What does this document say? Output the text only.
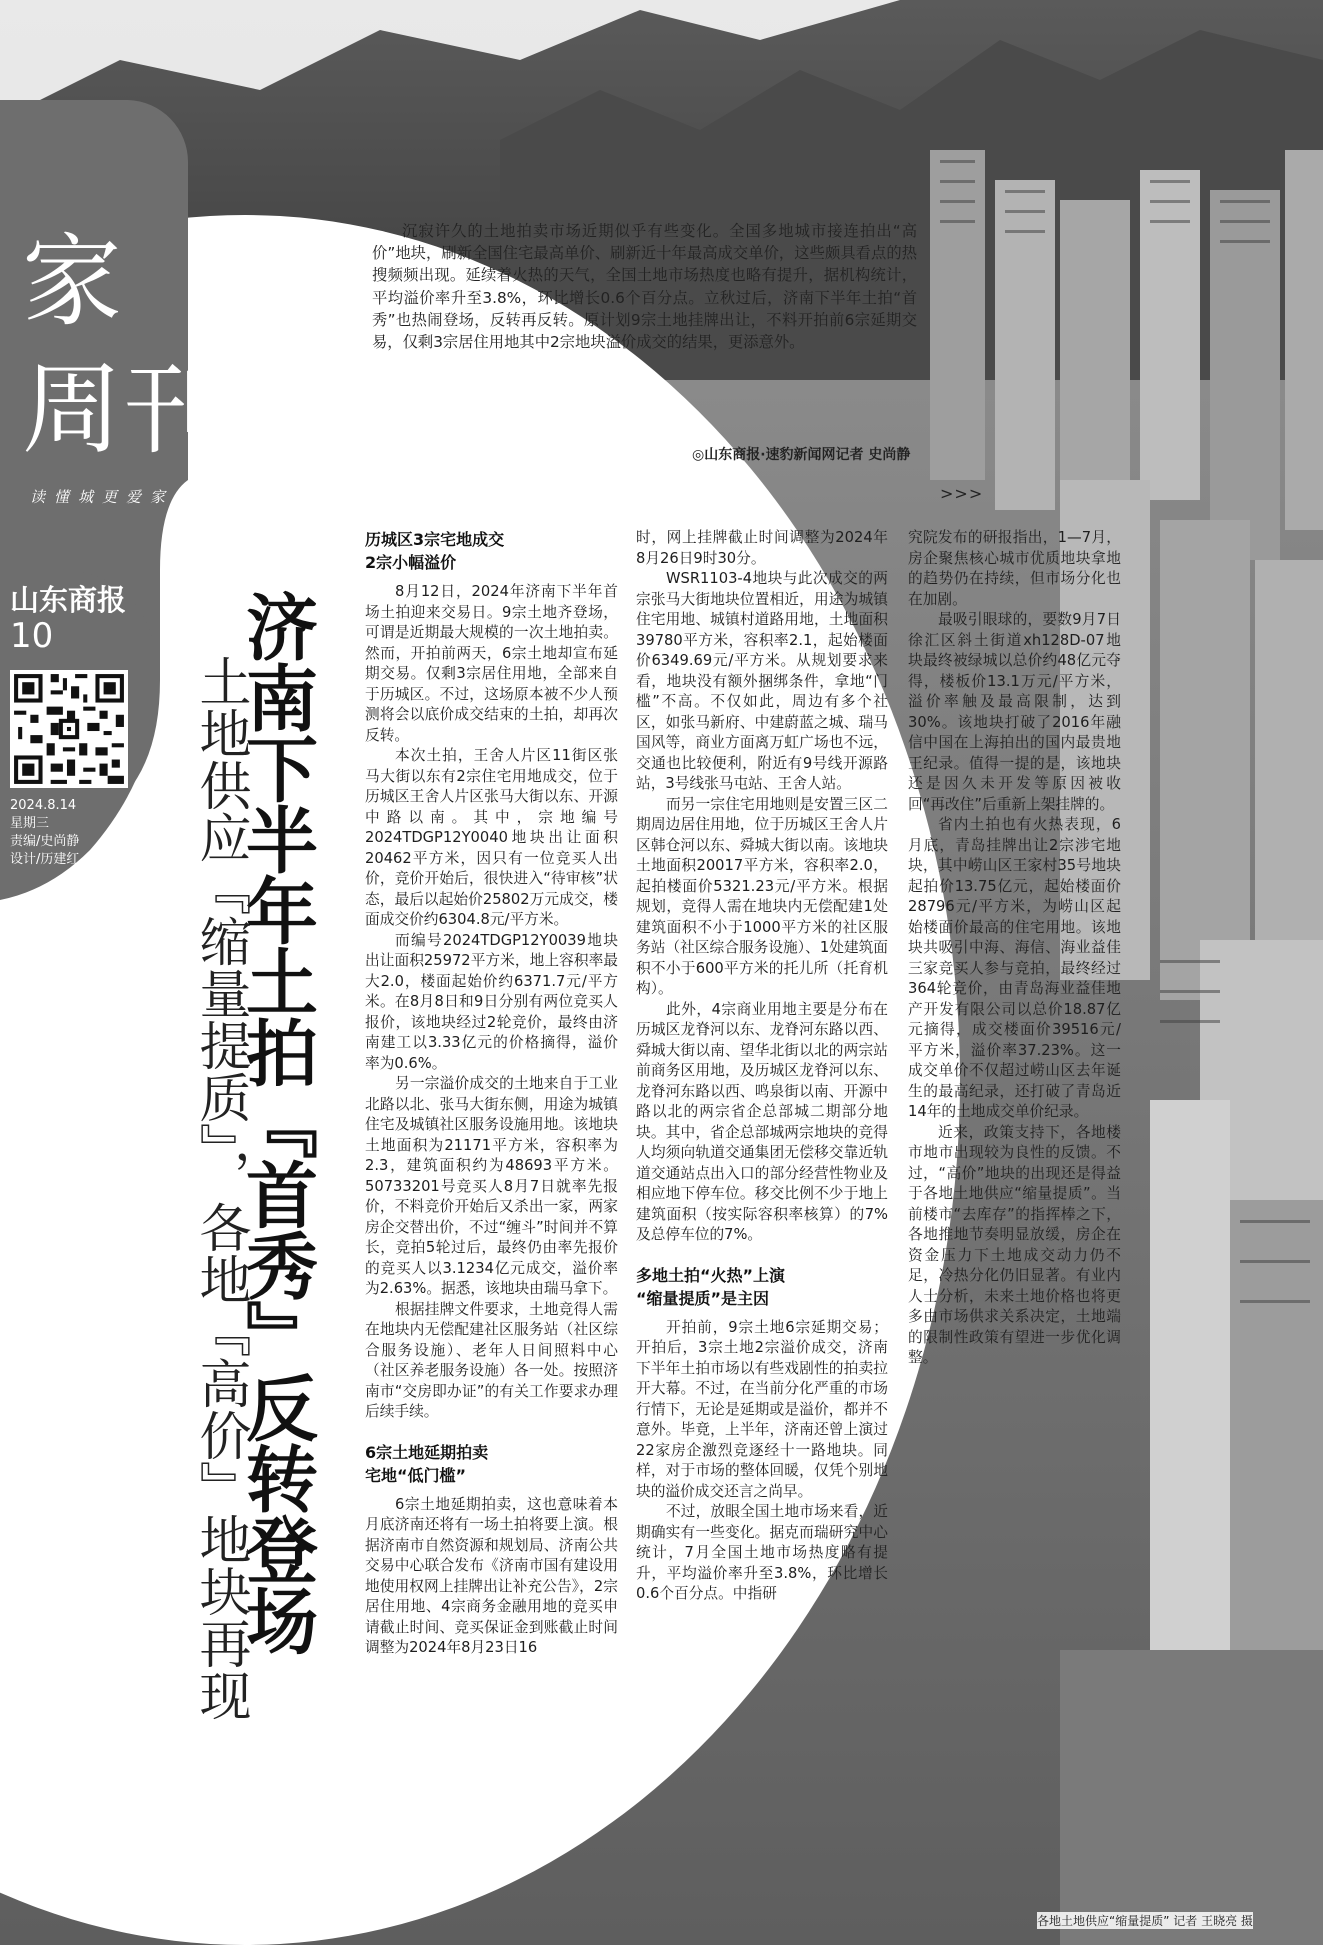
家
周刊
读懂城更爱家
山东商报
10
2024.8.14
星期三
责编/史尚静
设计/历建红 济南下半年土拍『首秀』反转登场
土地供应『缩量提质』，各地『高价』地块再现
沉寂许久的土地拍卖市场近期似乎有些变化。全国多地城市接连拍出“高价”地块，刷新全国住宅最高单价、刷新近十年最高成交单价，这些颇具看点的热搜频频出现。延续着火热的天气，全国土地市场热度也略有提升，据机构统计，平均溢价率升至3.8%，环比增长0.6个百分点。立秋过后，济南下半年土拍“首秀”也热闹登场，反转再反转。原计划9宗土地挂牌出让，不料开拍前6宗延期交易，仅剩3宗居住用地其中2宗地块溢价成交的结果，更添意外。
◎山东商报·速豹新闻网记者 史尚静
>>>
历城区3宗宅地成交
2宗小幅溢价

8月12日，2024年济南下半年首场土拍迎来交易日。9宗土地齐登场，可谓是近期最大规模的一次土地拍卖。然而，开拍前两天，6宗土地却宣布延期交易。仅剩3宗居住用地，全部来自于历城区。不过，这场原本被不少人预测将会以底价成交结束的土拍，却再次反转。

本次土拍，王舍人片区11街区张马大街以东有2宗住宅用地成交，位于历城区王舍人片区张马大街以东、开源中路以南。其中，宗地编号2024TDGP12Y0040地块出让面积20462平方米，因只有一位竞买人出价，竞价开始后，很快进入“待审核”状态，最后以起始价25802万元成交，楼面成交价约6304.8元/平方米。

而编号2024TDGP12Y0039地块出让面积25972平方米，地上容积率最大2.0，楼面起始价约6371.7元/平方米。在8月8日和9日分别有两位竞买人报价，该地块经过2轮竞价，最终由济南建工以3.33亿元的价格摘得，溢价率为0.6%。

另一宗溢价成交的土地来自于工业北路以北、张马大街东侧，用途为城镇住宅及城镇社区服务设施用地。该地块土地面积为21171平方米，容积率为2.3，建筑面积约为48693平方米。50733201号竞买人8月7日就率先报价，不料竞价开始后又杀出一家，两家房企交替出价，不过“缠斗”时间并不算长，竞拍5轮过后，最终仍由率先报价的竞买人以3.1234亿元成交，溢价率为2.63%。据悉，该地块由瑞马拿下。

根据挂牌文件要求，土地竞得人需在地块内无偿配建社区服务站（社区综合服务设施）、老年人日间照料中心（社区养老服务设施）各一处。按照济南市“交房即办证”的有关工作要求办理后续手续。

6宗土地延期拍卖
宅地“低门槛”

6宗土地延期拍卖，这也意味着本月底济南还将有一场土拍将要上演。根据济南市自然资源和规划局、济南公共交易中心联合发布《济南市国有建设用地使用权网上挂牌出让补充公告》，2宗居住用地、4宗商务金融用地的竞买申请截止时间、竞买保证金到账截止时间调整为2024年8月23日16

时，网上挂牌截止时间调整为2024年8月26日9时30分。

WSR1103-4地块与此次成交的两宗张马大街地块位置相近，用途为城镇住宅用地、城镇村道路用地，土地面积39780平方米，容积率2.1，起始楼面价6349.69元/平方米。从规划要求来看，地块没有额外捆绑条件，拿地“门槛”不高。不仅如此，周边有多个社区，如张马新府、中建蔚蓝之城、瑞马国风等，商业方面离万虹广场也不远，交通也比较便利，附近有9号线开源路站，3号线张马屯站、王舍人站。

而另一宗住宅用地则是安置三区二期周边居住用地，位于历城区王舍人片区韩仓河以东、舜城大街以南。该地块土地面积20017平方米，容积率2.0，起拍楼面价5321.23元/平方米。根据规划，竞得人需在地块内无偿配建1处建筑面积不小于1000平方米的社区服务站（社区综合服务设施）、1处建筑面积不小于600平方米的托儿所（托育机构）。

此外，4宗商业用地主要是分布在历城区龙脊河以东、龙脊河东路以西、舜城大街以南、望华北街以北的两宗站前商务区用地，及历城区龙脊河以东、龙脊河东路以西、鸣泉街以南、开源中路以北的两宗省企总部城二期部分地块。其中，省企总部城两宗地块的竞得人均须向轨道交通集团无偿移交靠近轨道交通站点出入口的部分经营性物业及相应地下停车位。移交比例不少于地上建筑面积（按实际容积率核算）的7%及总停车位的7%。

多地土拍“火热”上演
“缩量提质”是主因

开拍前，9宗土地6宗延期交易；开拍后，3宗土地2宗溢价成交，济南下半年土拍市场以有些戏剧性的拍卖拉开大幕。不过，在当前分化严重的市场行情下，无论是延期或是溢价，都并不意外。毕竟，上半年，济南还曾上演过22家房企激烈竞逐经十一路地块。同样，对于市场的整体回暖，仅凭个别地块的溢价成交还言之尚早。

不过，放眼全国土地市场来看，近期确实有一些变化。据克而瑞研究中心统计，7月全国土地市场热度略有提升，平均溢价率升至3.8%，环比增长0.6个百分点。中指研

究院发布的研报指出，1—7月，房企聚焦核心城市优质地块拿地的趋势仍在持续，但市场分化也在加剧。

最吸引眼球的，要数9月7日徐汇区斜土街道xh128D-07地块最终被绿城以总价约48亿元夺得，楼板价13.1万元/平方米，溢价率触及最高限制，达到30%。该地块打破了2016年融信中国在上海拍出的国内最贵地王纪录。值得一提的是，该地块还是因久未开发等原因被收回“再改住”后重新上架挂牌的。

省内土拍也有火热表现，6月底，青岛挂牌出让2宗涉宅地块，其中崂山区王家村35号地块起拍价13.75亿元，起始楼面价28796元/平方米，为崂山区起始楼面价最高的住宅用地。该地块共吸引中海、海信、海业益佳三家竞买人参与竞拍，最终经过364轮竞价，由青岛海业益佳地产开发有限公司以总价18.87亿元摘得，成交楼面价39516元/平方米，溢价率37.23%。这一成交单价不仅超过崂山区去年诞生的最高纪录，还打破了青岛近14年的土地成交单价纪录。

近来，政策支持下，各地楼市地市出现较为良性的反馈。不过，“高价”地块的出现还是得益于各地土地供应“缩量提质”。当前楼市“去库存”的指挥棒之下，各地推地节奏明显放缓，房企在资金压力下土地成交动力仍不足，冷热分化仍旧显著。有业内人士分析，未来土地价格也将更多由市场供求关系决定，土地端的限制性政策有望进一步优化调整。

各地土地供应“缩量提质” 记者 王晓亮 摄
